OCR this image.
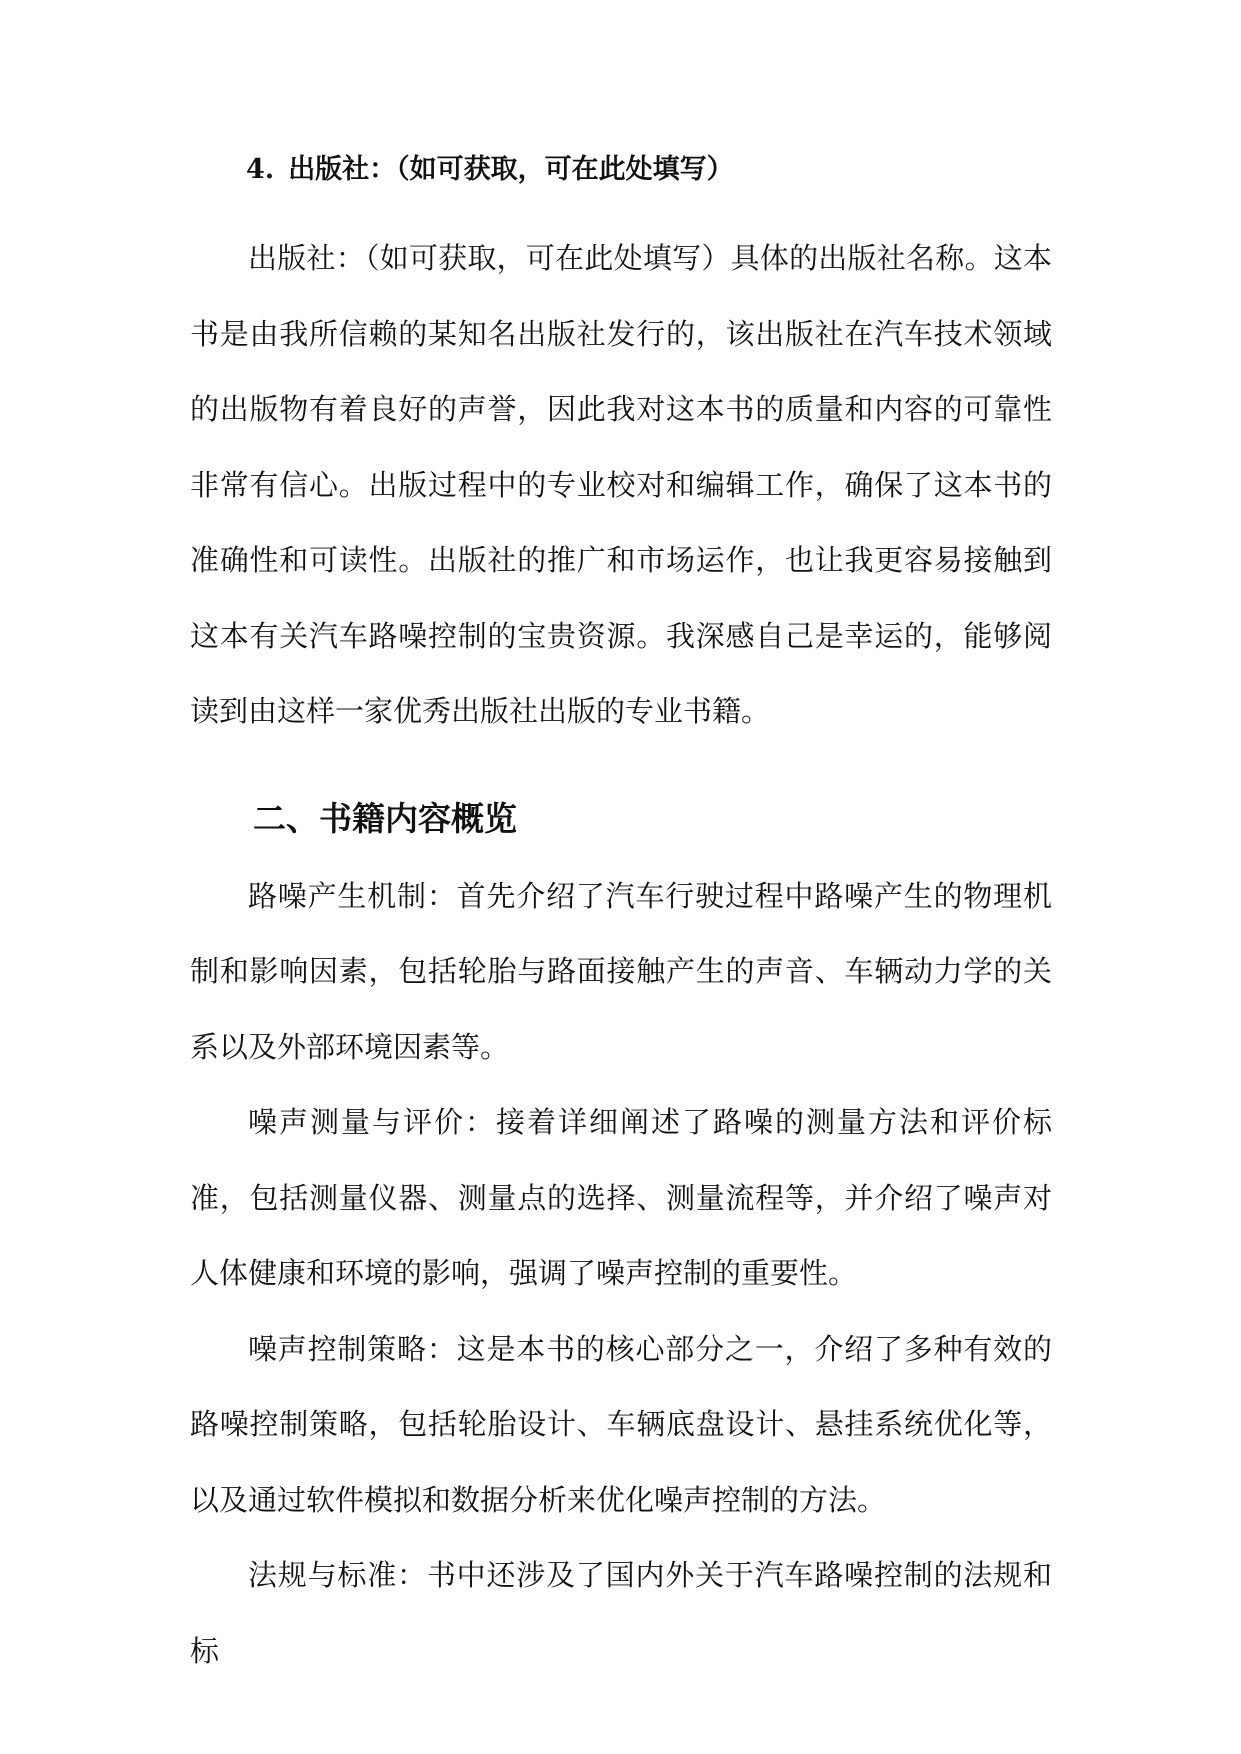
4. 出版社：（如可获取，可在此处填写）

出版社：（如可获取，可在此处填写）具体的出版社名称。这本书是由我所信赖的某知名出版社发行的，该出版社在汽车技术领域的出版物有着良好的声誉，因此我对这本书的质量和内容的可靠性非常有信心。出版过程中的专业校对和编辑工作，确保了这本书的准确性和可读性。出版社的推广和市场运作，也让我更容易接触到这本有关汽车路噪控制的宝贵资源。我深感自己是幸运的，能够阅读到由这样一家优秀出版社出版的专业书籍。

二、书籍内容概览

路噪产生机制：首先介绍了汽车行驶过程中路噪产生的物理机制和影响因素，包括轮胎与路面接触产生的声音、车辆动力学的关系以及外部环境因素等。

噪声测量与评价：接着详细阐述了路噪的测量方法和评价标准，包括测量仪器、测量点的选择、测量流程等，并介绍了噪声对人体健康和环境的影响，强调了噪声控制的重要性。

噪声控制策略：这是本书的核心部分之一，介绍了多种有效的路噪控制策略，包括轮胎设计、车辆底盘设计、悬挂系统优化等，以及通过软件模拟和数据分析来优化噪声控制的方法。

法规与标准：书中还涉及了国内外关于汽车路噪控制的法规和标
